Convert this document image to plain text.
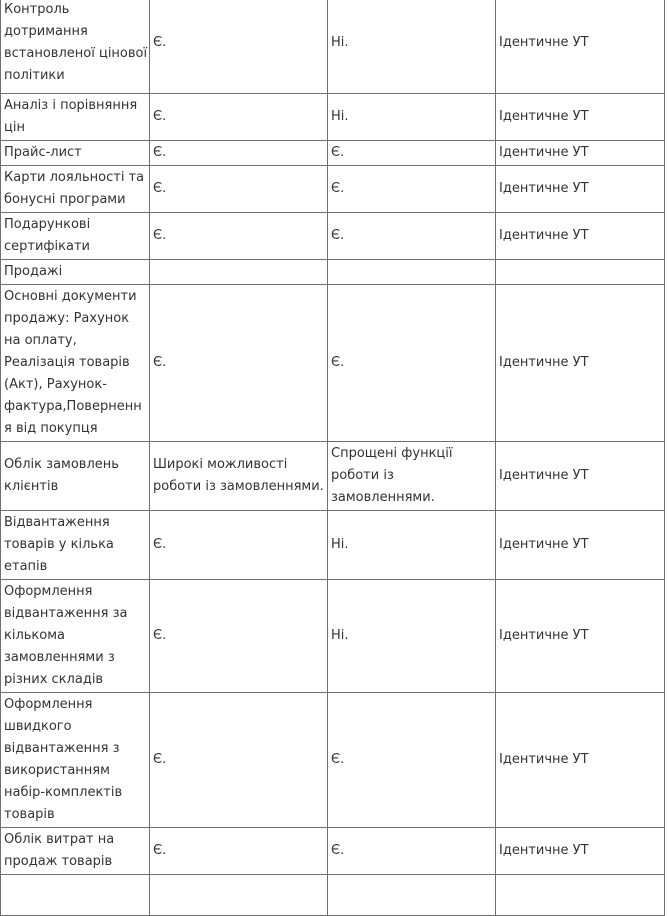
Контроль дотримання встановленої цінової політики	Є.	Ні.	Ідентичне УТ
Аналіз і порівняння цін	Є.	Ні.	Ідентичне УТ
Прайс-лист	Є.	Є.	Ідентичне УТ
Карти лояльності та бонусні програми	Є.	Є.	Ідентичне УТ
Подарункові сертифікати	Є.	Є.	Ідентичне УТ
Продажі			
Основні документи продажу: Рахунок на оплату, Реалізація товарів (Акт), Рахунок-фактура,Повернення від покупця	Є.	Є.	Ідентичне УТ
Облік замовлень клієнтів	Широкі можливості роботи із замовленнями.	Спрощені функції роботи із замовленнями.	Ідентичне УТ
Відвантаження товарів у кілька етапів	Є.	Ні.	Ідентичне УТ
Оформлення відвантаження за кількома замовленнями з різних складів	Є.	Ні.	Ідентичне УТ
Оформлення швидкого відвантаження з використанням набір-комплектів товарів	Є.	Є.	Ідентичне УТ
Облік витрат на продаж товарів	Є.	Є.	Ідентичне УТ
